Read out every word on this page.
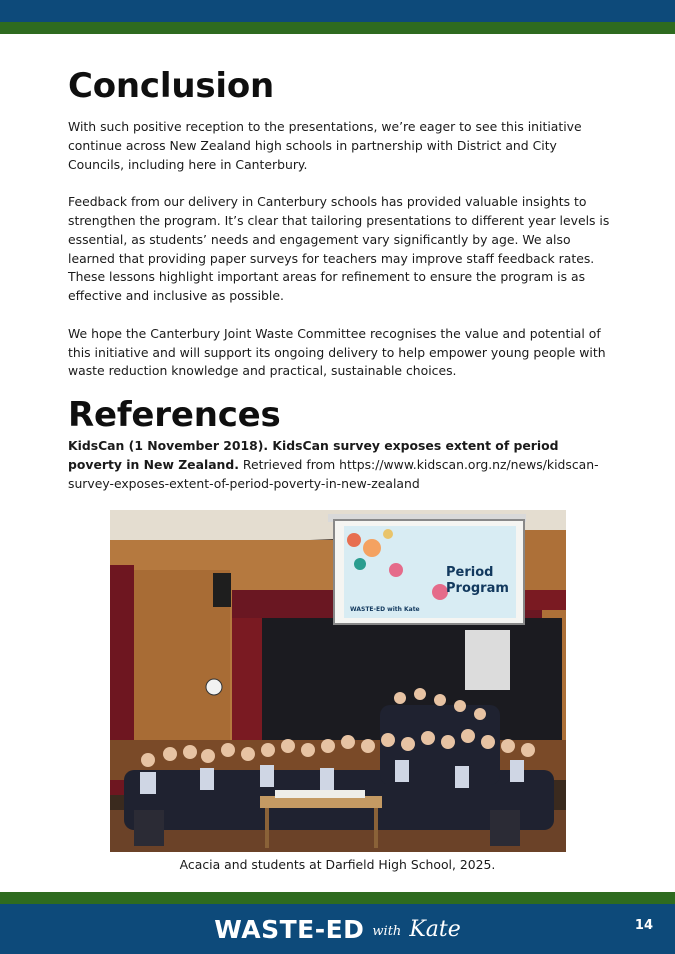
Conclusion

With such positive reception to the presentations, we’re eager to see this initiative continue across New Zealand high schools in partnership with District and City Councils, including here in Canterbury.

Feedback from our delivery in Canterbury schools has provided valuable insights to strengthen the program. It’s clear that tailoring presentations to different year levels is essential, as students’ needs and engagement vary significantly by age. We also learned that providing paper surveys for teachers may improve staff feedback rates. These lessons highlight important areas for refinement to ensure the program is as effective and inclusive as possible.

We hope the Canterbury Joint Waste Committee recognises the value and potential of this initiative and will support its ongoing delivery to help empower young people with waste reduction knowledge and practical, sustainable choices.

References

KidsCan (1 November 2018). KidsCan survey exposes extent of period poverty in New Zealand. Retrieved from https://www.kidscan.org.nz/news/kidscan-survey-exposes-extent-of-period-poverty-in-new-zealand

Period
Program
WASTE-ED with Kate
Acacia and students at Darfield High School, 2025.
WASTE-ED with Kate	14
